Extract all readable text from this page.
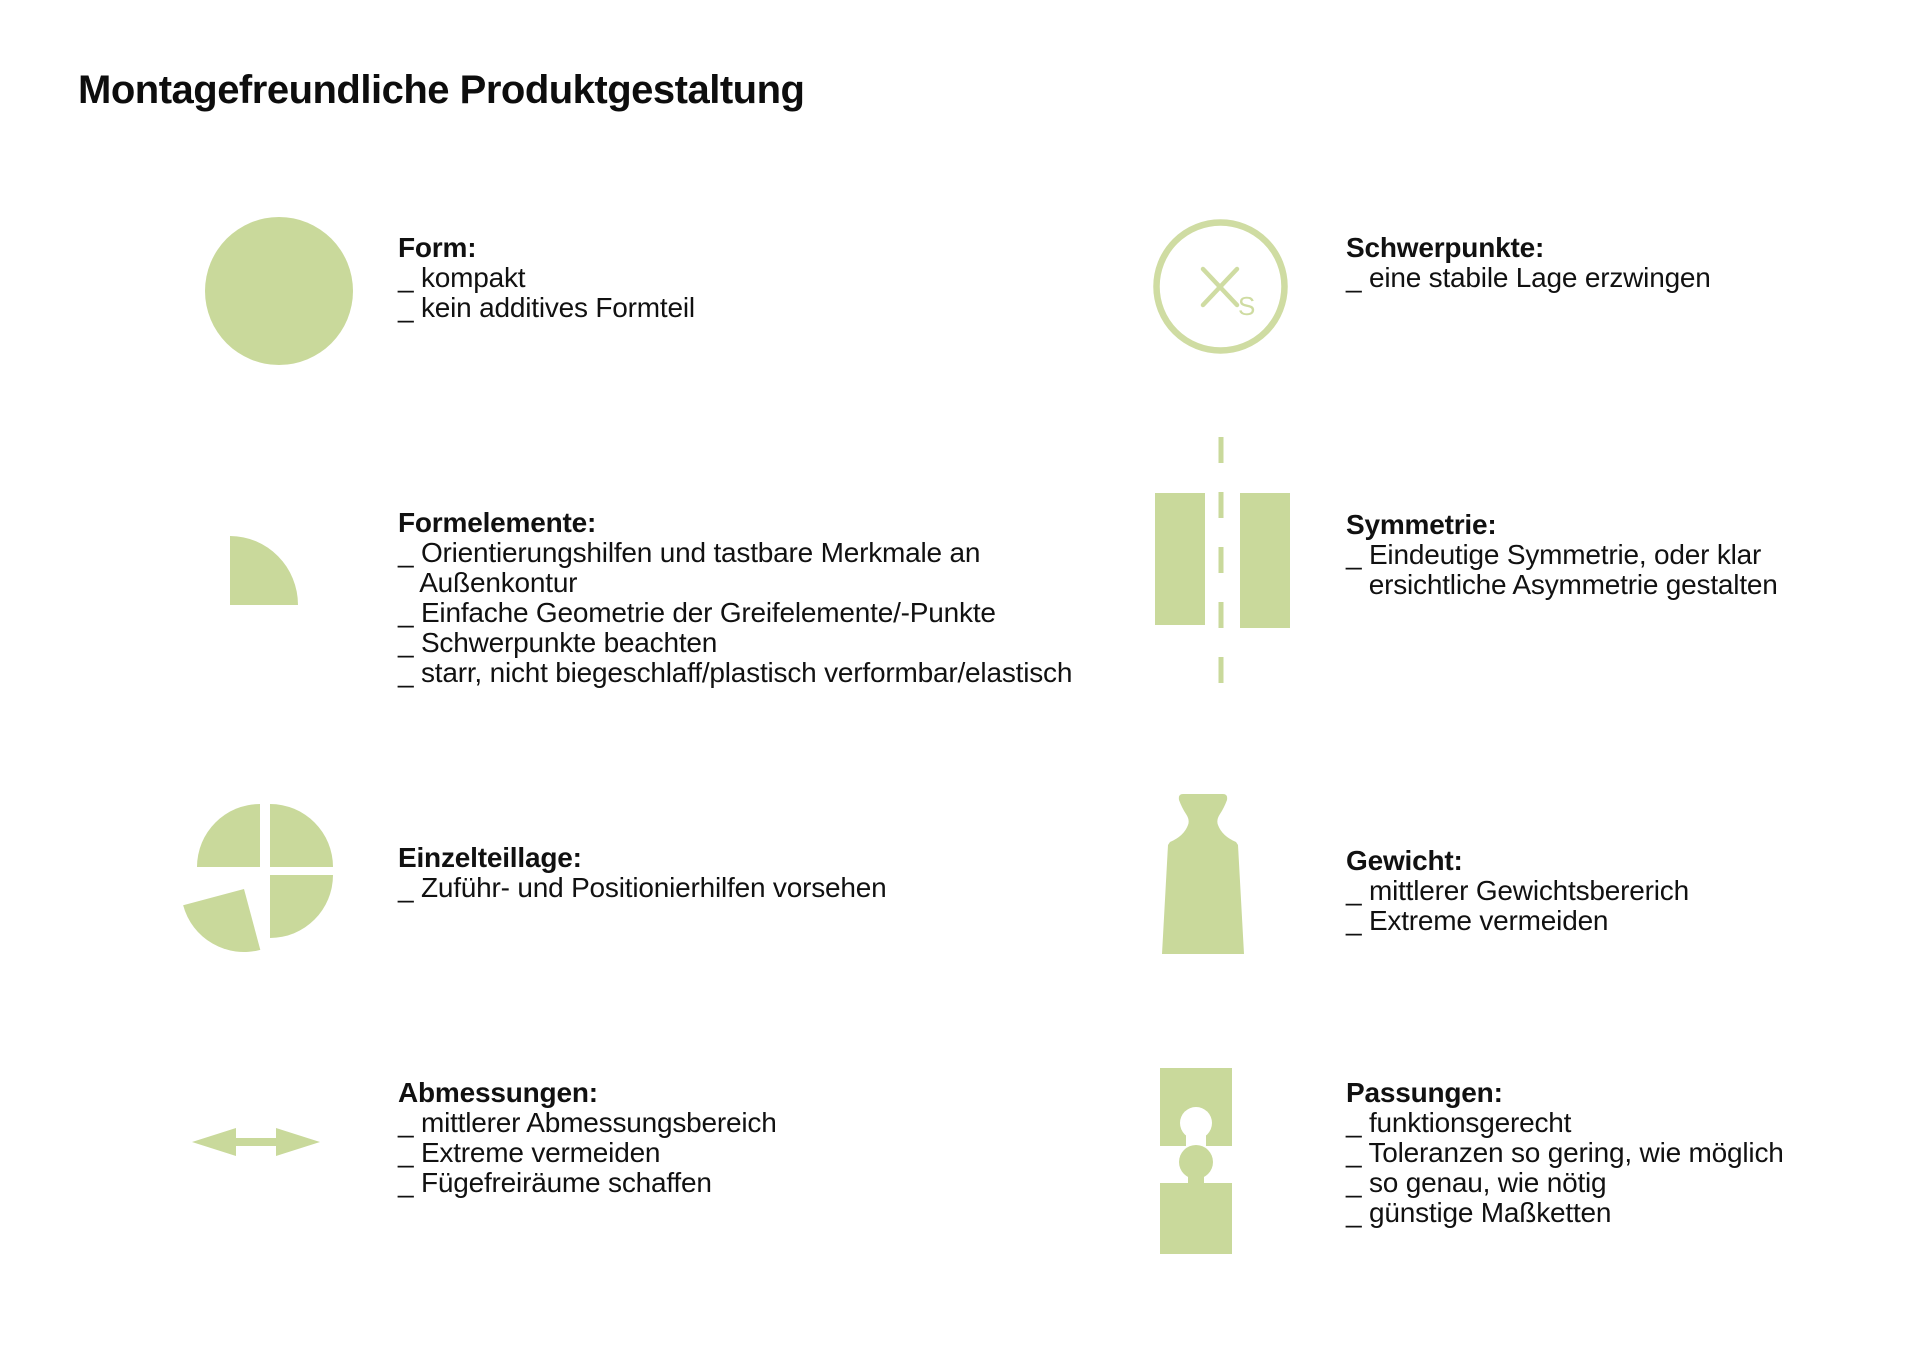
Montagefreundliche Produktgestaltung
Form:
_ kompakt
_ kein additives Formteil
Formelemente:
_ Orientierungshilfen und tastbare Merkmale an
Außenkontur
_ Einfache Geometrie der Greifelemente/-Punkte
_ Schwerpunkte beachten
_ starr, nicht biegeschlaff/plastisch verformbar/elastisch
Einzelteillage:
_ Zuführ- und Positionierhilfen vorsehen
Abmessungen:
_ mittlerer Abmessungsbereich
_ Extreme vermeiden
_ Fügefreiräume schaffen
S
Schwerpunkte:
_ eine stabile Lage erzwingen
Symmetrie:
_ Eindeutige Symmetrie, oder klar
ersichtliche Asymmetrie gestalten
Gewicht:
_ mittlerer Gewichtsbererich
_ Extreme vermeiden
Passungen:
_ funktionsgerecht
_ Toleranzen so gering, wie möglich
_ so genau, wie nötig
_ günstige Maßketten
